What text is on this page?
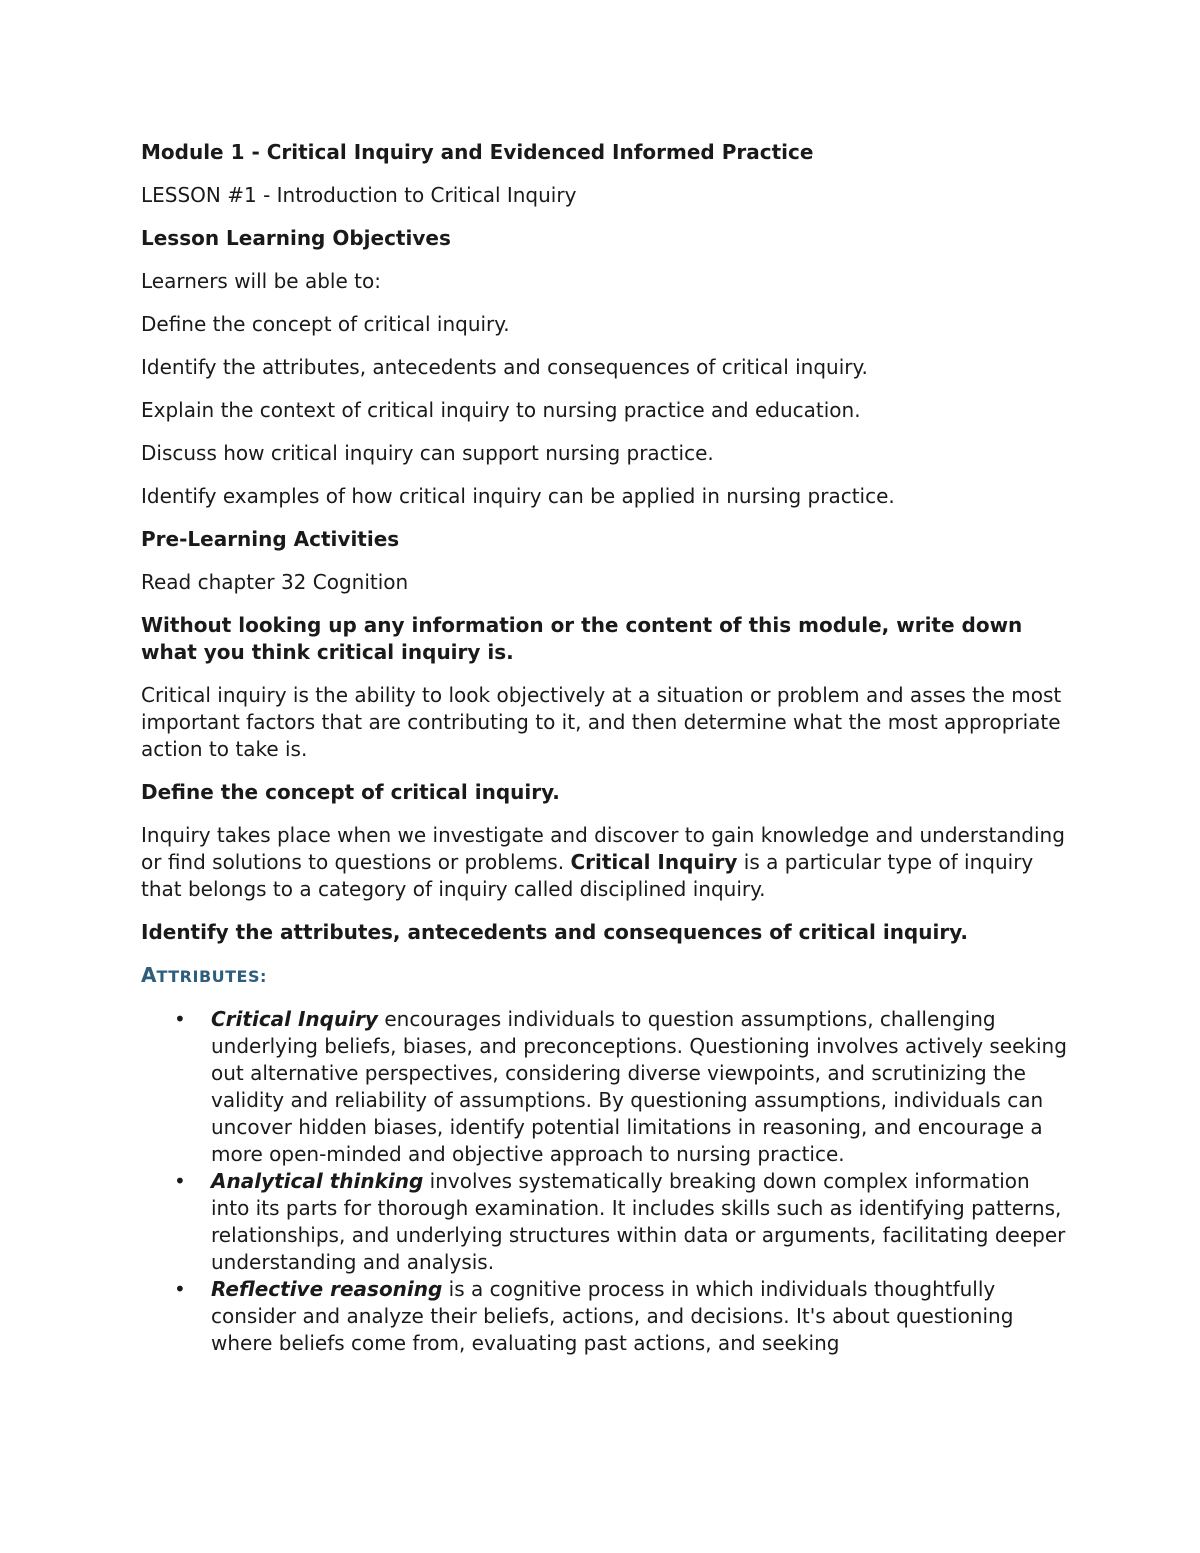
Module 1 - Critical Inquiry and Evidenced Informed Practice
LESSON #1 - Introduction to Critical Inquiry
Lesson Learning Objectives
Learners will be able to:
Define the concept of critical inquiry.
Identify the attributes, antecedents and consequences of critical inquiry.
Explain the context of critical inquiry to nursing practice and education.
Discuss how critical inquiry can support nursing practice.
Identify examples of how critical inquiry can be applied in nursing practice.
Pre-Learning Activities
Read chapter 32 Cognition
Without looking up any information or the content of this module, write down what you think critical inquiry is.
Critical inquiry is the ability to look objectively at a situation or problem and asses the most important factors that are contributing to it, and then determine what the most appropriate action to take is.
Define the concept of critical inquiry.
Inquiry takes place when we investigate and discover to gain knowledge and understanding or find solutions to questions or problems. Critical Inquiry is a particular type of inquiry that belongs to a category of inquiry called disciplined inquiry.
Identify the attributes, antecedents and consequences of critical inquiry.
ATTRIBUTES:
• Critical Inquiry encourages individuals to question assumptions, challenging underlying beliefs, biases, and preconceptions. Questioning involves actively seeking out alternative perspectives, considering diverse viewpoints, and scrutinizing the validity and reliability of assumptions. By questioning assumptions, individuals can uncover hidden biases, identify potential limitations in reasoning, and encourage a more open-minded and objective approach to nursing practice.
• Analytical thinking involves systematically breaking down complex information into its parts for thorough examination. It includes skills such as identifying patterns, relationships, and underlying structures within data or arguments, facilitating deeper understanding and analysis.
• Reflective reasoning is a cognitive process in which individuals thoughtfully consider and analyze their beliefs, actions, and decisions. It's about questioning where beliefs come from, evaluating past actions, and seeking
